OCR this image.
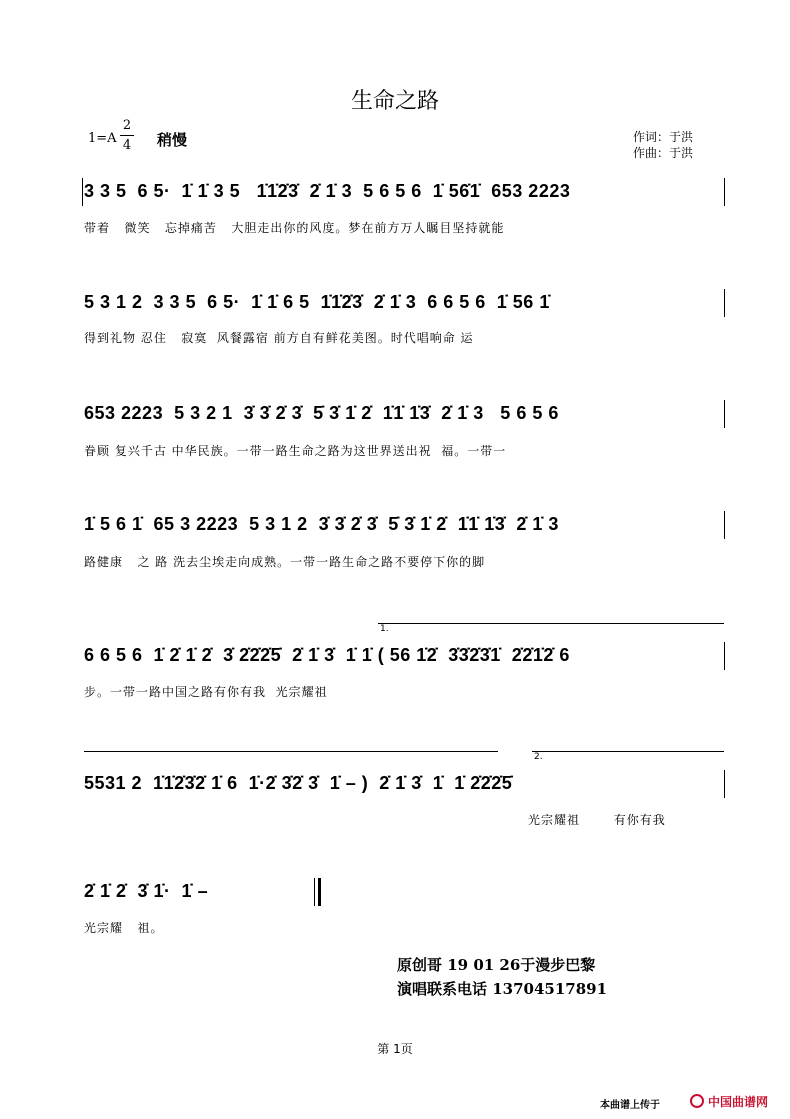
生命之路
1=A
2
4 稍慢	作词：于洪
作曲：于洪
3 3 5  6 5·  1̇ 1̇ 3 5   1̇1̇2̇3̇  2̇ 1̇ 3  5 6 5 6  1̇ 56̇1̇  653 2223
带着   微笑   忘掉痛苦   大胆走出你的风度。梦在前方万人瞩目坚持就能
5 3 1 2  3 3 5  6 5·  1̇ 1̇ 6 5  1̇1̇2̇3̇  2̇ 1̇ 3  6 6 5 6  1̇ 56 1̇
得到礼物 忍住   寂寞  风餐露宿 前方自有鲜花美图。时代唱响命 运
653 2223  5 3 2 1  3̇ 3̇ 2̇ 3̇  5̇ 3̇ 1̇ 2̇  1̇1̇ 1̇3̇  2̇ 1̇ 3   5 6 5 6
眷顾 复兴千古 中华民族。一带一路生命之路为这世界送出祝  福。一带一
1̇ 5 6 1̇  65 3 2223  5 3 1 2  3̇ 3̇ 2̇ 3̇  5̇ 3̇ 1̇ 2̇  1̇1̇ 1̇3̇  2̇ 1̇ 3
路健康   之 路 洗去尘埃走向成熟。一带一路生命之路不要停下你的脚
1.
6 6 5 6  1̇ 2̇ 1̇ 2̇  3̇ 2̇2̇2̇5̇  2̇ 1̇ 3̇  1̇ 1̇ ( 56 1̇2̇  3̇3̇2̇3̇1̇  2̇2̇1̇2̇ 6
步。一带一路中国之路有你有我  光宗耀祖
2.
5531 2  1̇1̇2̇3̇2̇ 1̇ 6  1̇·2̇ 3̇2̇ 3̇  1̇ – )  2̇ 1̇ 3̇  1̇  1̇ 2̇2̇2̇5̇
光宗耀祖       有你有我
2̇ 1̇ 2̇  3̇ 1̇·  1̇ –
光宗耀   祖。
原创哥 19 01 26于漫步巴黎
演唱联系电话 13704517891
第 1页
本曲谱上传于	中国曲谱网
